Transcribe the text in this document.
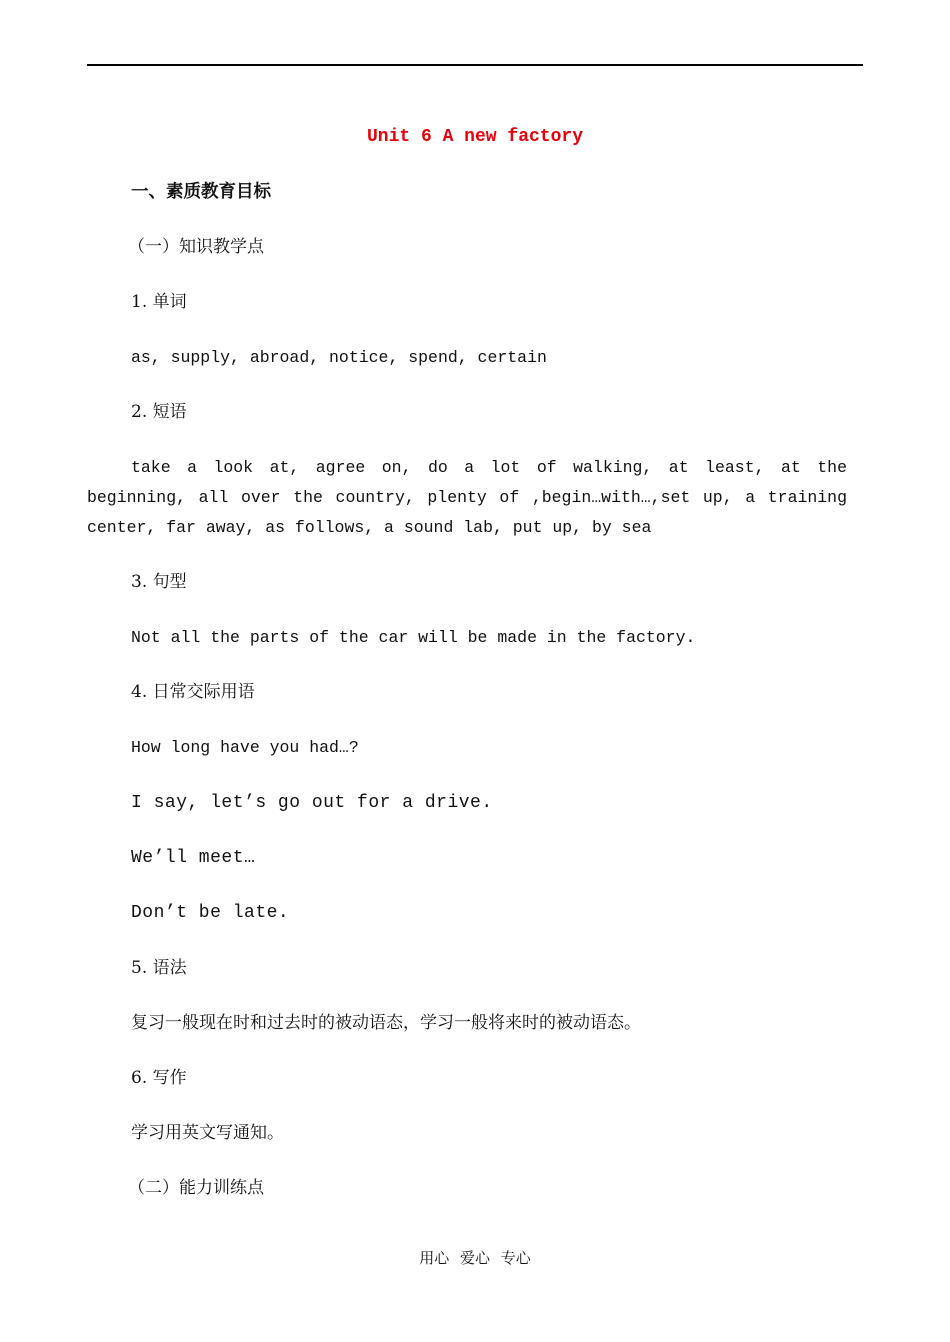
Unit 6 A new factory
一、素质教育目标
（一）知识教学点
1. 单词
as, supply, abroad, notice, spend, certain
2. 短语
take a look at, agree on, do a lot of walking, at least, at the beginning, all over the country, plenty of ,begin…with…,set up, a training center, far away, as follows, a sound lab, put up, by sea
3. 句型
Not all the parts of the car will be made in the factory.
4. 日常交际用语
How long have you had…?
I say, let’s go out for a drive.
We’ll meet…
Don’t be late.
5. 语法
复习一般现在时和过去时的被动语态，学习一般将来时的被动语态。
6. 写作
学习用英文写通知。
（二）能力训练点
用心 爱心 专心
